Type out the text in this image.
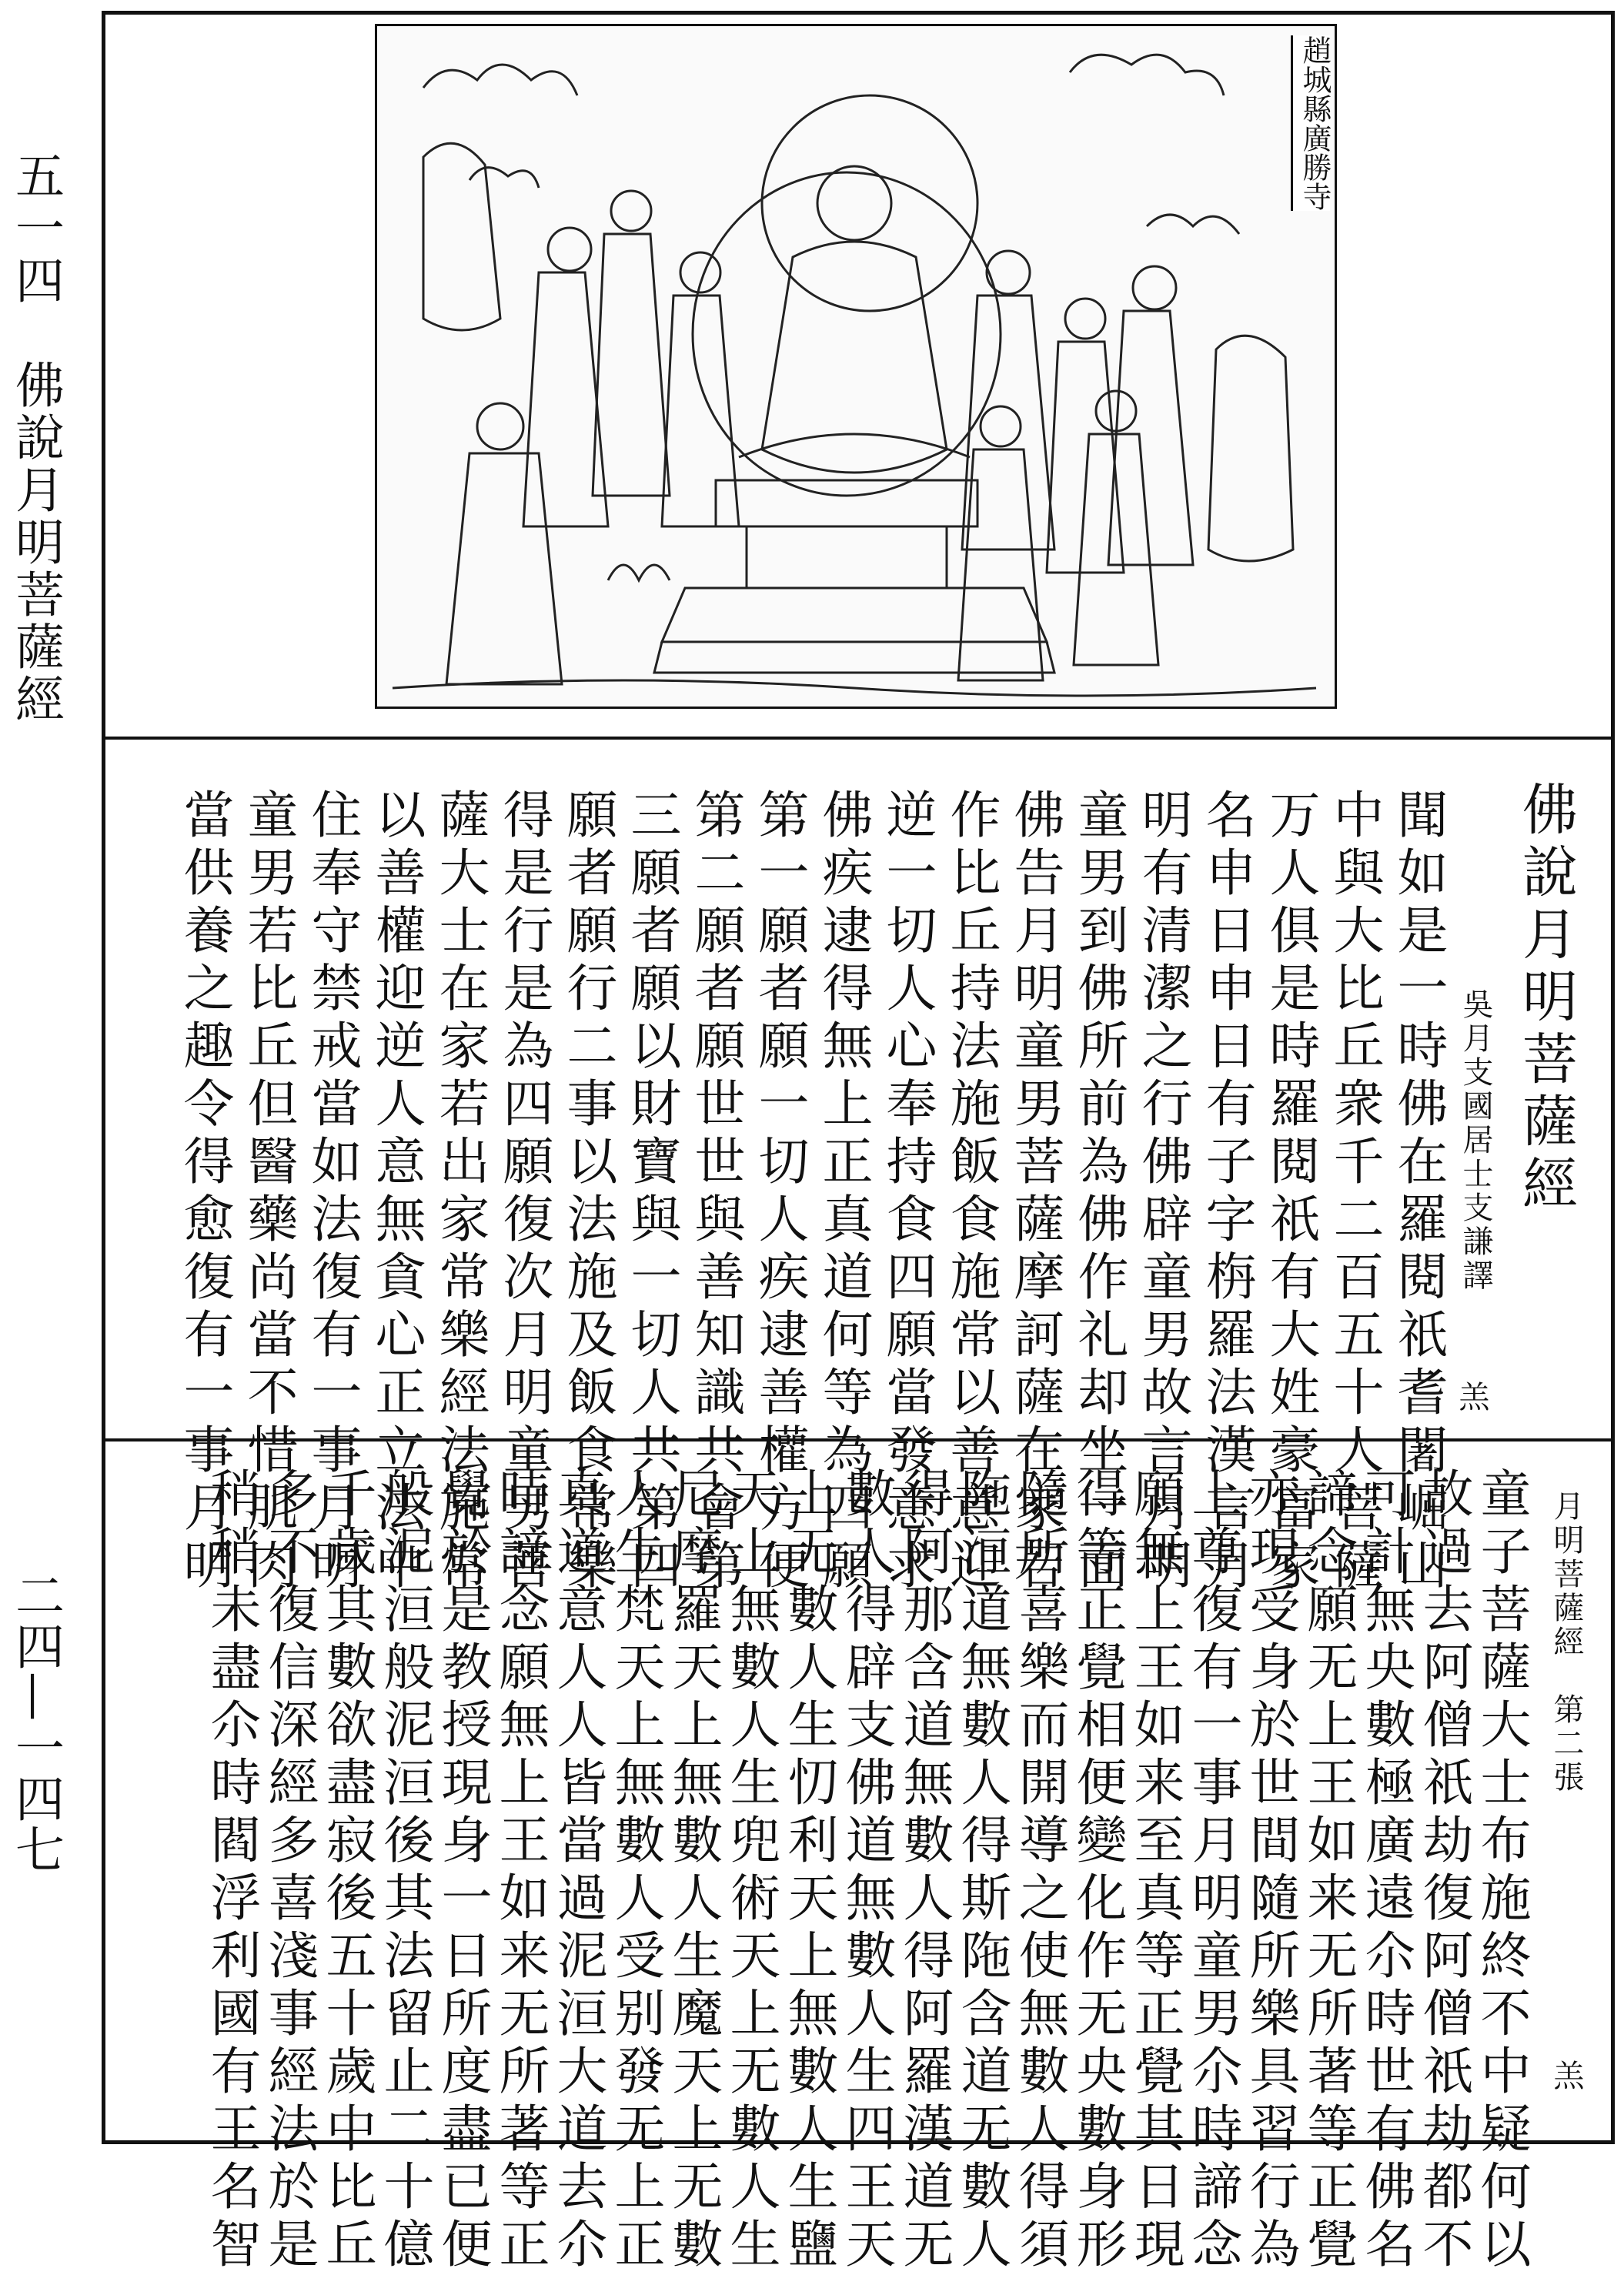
五一四　佛說月明菩薩經
二四—一四七
趙城縣廣勝寺
佛說月明菩薩經
吳月支國居士支謙譯
羔
聞如是一時佛在羅閱祇耆闍崛山
中與大比丘衆千二百五十人菩薩
万人俱是時羅閱祇有大姓豪富家
名申日申日有子字栴羅法漢言月
明有清潔之行佛辟童男故言月明
童男到佛所前為佛作礼却坐一面
佛告月明童男菩薩摩訶薩在家若
作比丘持法施飯食施常以善意迎
逆一切人心奉持食四願當發意求
佛疾逮得無上正真道何等為四願
第一願者願一切人疾逮善權方便
第二願者願世世與善知識共會第
三願者願以財寶與一切人共第四
願者願行二事以法施及飯食常樂
得是行是為四願復次月明童男菩
薩大士在家若出家常樂經法施常
以善權迎逆人意無貪心正立法中
住奉守禁戒當如法復有一事月明
童男若比丘但醫藥尚當不惜肌肉
當供養之趣令得愈復有一事月明
月明菩薩經　第二張
羔
童子菩薩大士布施終不中疑何以
故過去阿僧祇劫復阿僧祇劫都不
可計無央數極廣遠尒時世有佛名
諦念願无上王如来无所著等正覺
亦現受身於世間隨所樂具習行為
上尊復有一事月明童男尒時諦念
願無上王如来至真等正覺其日現
得等正覺相便變化作无央數身形
隨所喜樂而開導之使無數人得須
陁洹道無數人得斯陁含道无數人
得阿那含道無數人得阿羅漢道无
數人得辟支佛道無數人生四王天
上无數人生忉利天上無數人生鹽
天上無數人生兜術天上无數人生
尼摩羅天上無數人生魔天上无數
人生梵天上無數人受别發无上正
真道意人人皆當過泥洹大道去尒
時諦念願無上王如来无所著等正
覺於是教授現身一日所度盡已便
般泥洹般泥洹後其法留止二十億
千歲其數欲盡寂後五十歲中比丘
多不復信深經多喜淺事經法於是
稍稍未盡尒時閻浮利國有王名智
